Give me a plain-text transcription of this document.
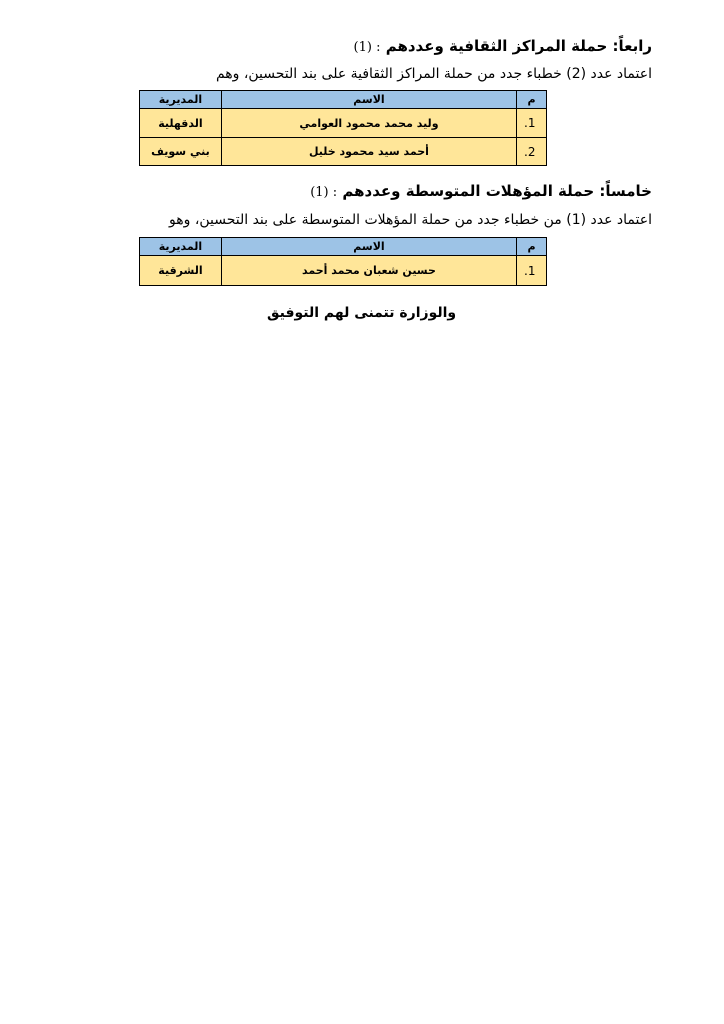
رابعاً: حملة المراكز الثقافية وعددهم : (1)
اعتماد عدد (2) خطباء جدد من حملة المراكز الثقافية على بند التحسين، وهم
م	الاسم	المديرية
1.	وليد محمد محمود العوامي	الدقهلية
2.	أحمد سيد محمود خليل	بني سويف
خامساً: حملة المؤهلات المتوسطة وعددهم : (1)
اعتماد عدد (1) من خطباء جدد من حملة المؤهلات المتوسطة على بند التحسين، وهو
م	الاسم	المديرية
1.	حسين شعبان محمد أحمد	الشرقية
والوزارة تتمنى لهم التوفيق
